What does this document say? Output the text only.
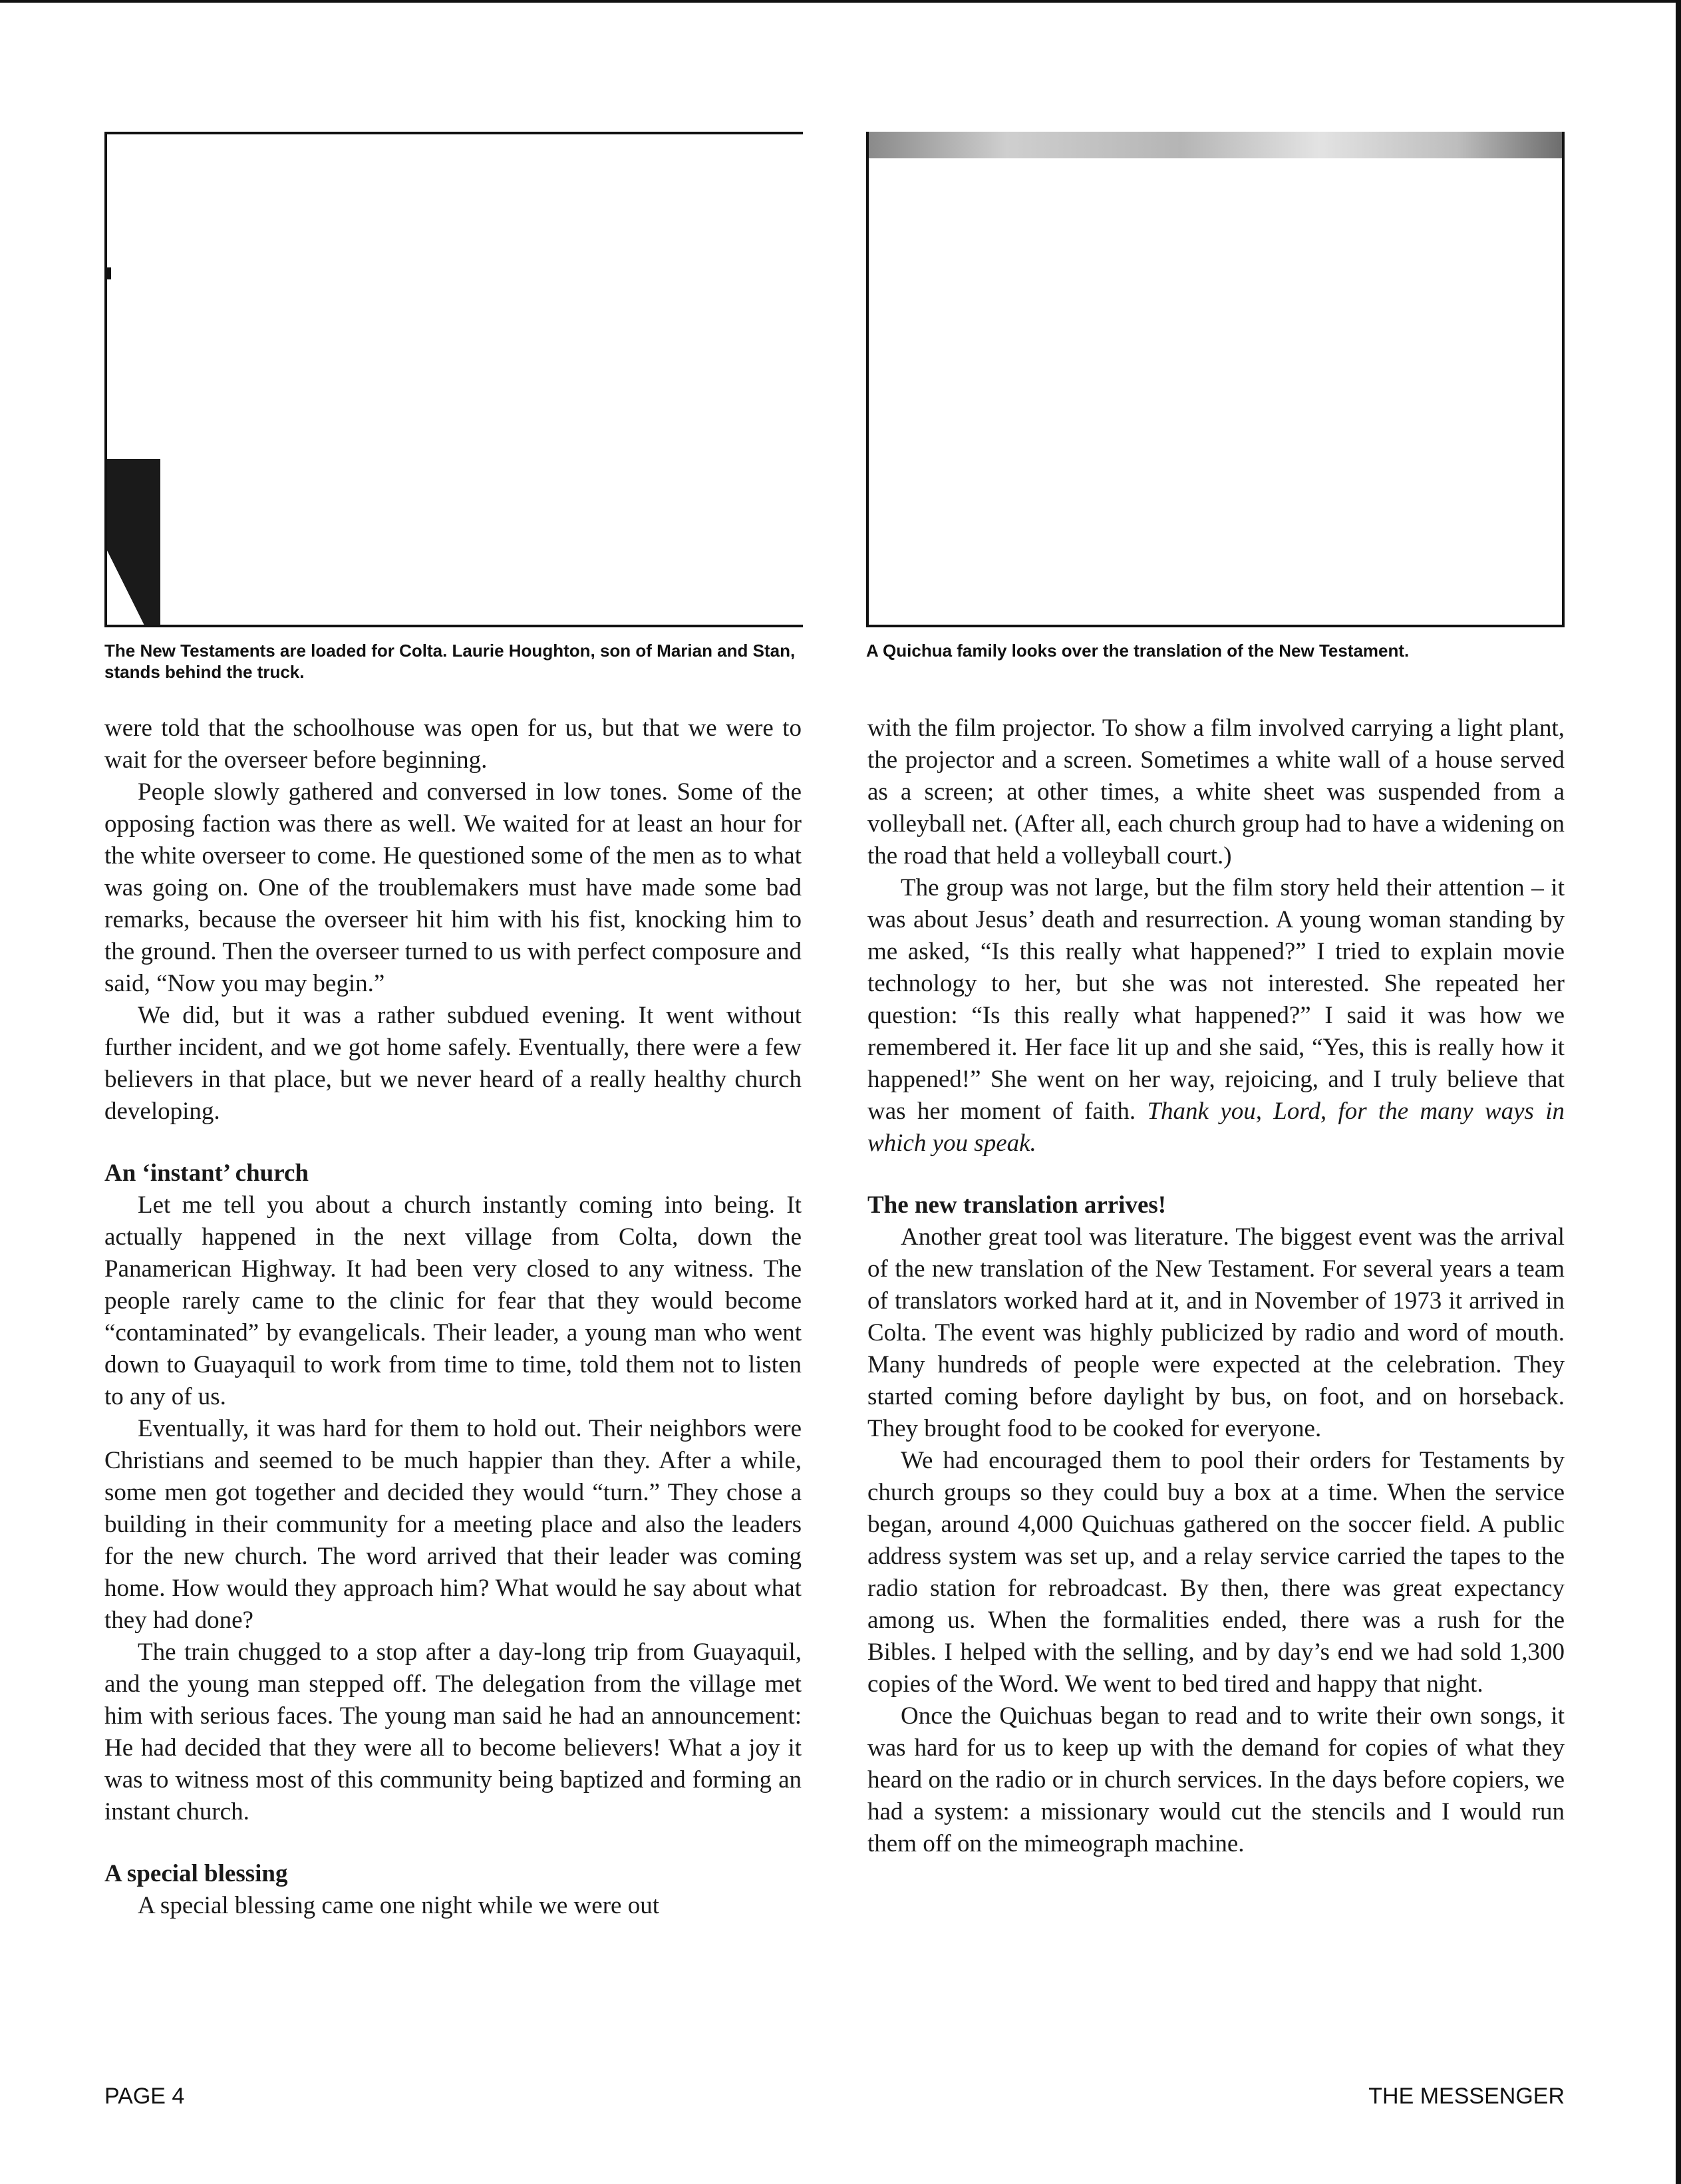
The New Testaments are loaded for Colta. Laurie Houghton, son of Marian and Stan, stands behind the truck.
A Quichua family looks over the translation of the New Testament.

were told that the schoolhouse was open for us, but that we were to wait for the overseer before beginning.

People slowly gathered and conversed in low tones. Some of the opposing faction was there as well. We waited for at least an hour for the white overseer to come. He questioned some of the men as to what was going on. One of the troublemakers must have made some bad remarks, because the overseer hit him with his fist, knocking him to the ground. Then the overseer turned to us with perfect composure and said, “Now you may begin.”

We did, but it was a rather subdued evening. It went without further incident, and we got home safely. Eventually, there were a few believers in that place, but we never heard of a really healthy church developing.

An ‘instant’ church

Let me tell you about a church instantly coming into being. It actually happened in the next village from Colta, down the Panamerican Highway. It had been very closed to any witness. The people rarely came to the clinic for fear that they would become “contaminated” by evangelicals. Their leader, a young man who went down to Guayaquil to work from time to time, told them not to listen to any of us.

Eventually, it was hard for them to hold out. Their neighbors were Christians and seemed to be much happier than they. After a while, some men got together and decided they would “turn.” They chose a building in their community for a meeting place and also the leaders for the new church. The word arrived that their leader was coming home. How would they approach him? What would he say about what they had done?

The train chugged to a stop after a day-long trip from Guayaquil, and the young man stepped off. The delegation from the village met him with serious faces. The young man said he had an announcement: He had decided that they were all to become believers! What a joy it was to witness most of this community being baptized and forming an instant church.

A special blessing

A special blessing came one night while we were out

with the film projector. To show a film involved carrying a light plant, the projector and a screen. Sometimes a white wall of a house served as a screen; at other times, a white sheet was suspended from a volleyball net. (After all, each church group had to have a widening on the road that held a volleyball court.)

The group was not large, but the film story held their attention – it was about Jesus’ death and resurrection. A young woman standing by me asked, “Is this really what happened?” I tried to explain movie technology to her, but she was not interested. She repeated her question: “Is this really what happened?” I said it was how we remembered it. Her face lit up and she said, “Yes, this is really how it happened!” She went on her way, rejoicing, and I truly believe that was her moment of faith. Thank you, Lord, for the many ways in which you speak.

The new translation arrives!

Another great tool was literature. The biggest event was the arrival of the new translation of the New Testament. For several years a team of translators worked hard at it, and in November of 1973 it arrived in Colta. The event was highly publicized by radio and word of mouth. Many hundreds of people were expected at the celebration. They started coming before daylight by bus, on foot, and on horseback. They brought food to be cooked for everyone.

We had encouraged them to pool their orders for Testaments by church groups so they could buy a box at a time. When the service began, around 4,000 Quichuas gathered on the soccer field. A public address system was set up, and a relay service carried the tapes to the radio station for rebroadcast. By then, there was great expectancy among us. When the formalities ended, there was a rush for the Bibles. I helped with the selling, and by day’s end we had sold 1,300 copies of the Word. We went to bed tired and happy that night.

Once the Quichuas began to read and to write their own songs, it was hard for us to keep up with the demand for copies of what they heard on the radio or in church services. In the days before copiers, we had a system: a missionary would cut the stencils and I would run them off on the mimeograph machine.

PAGE 4	THE MESSENGER
